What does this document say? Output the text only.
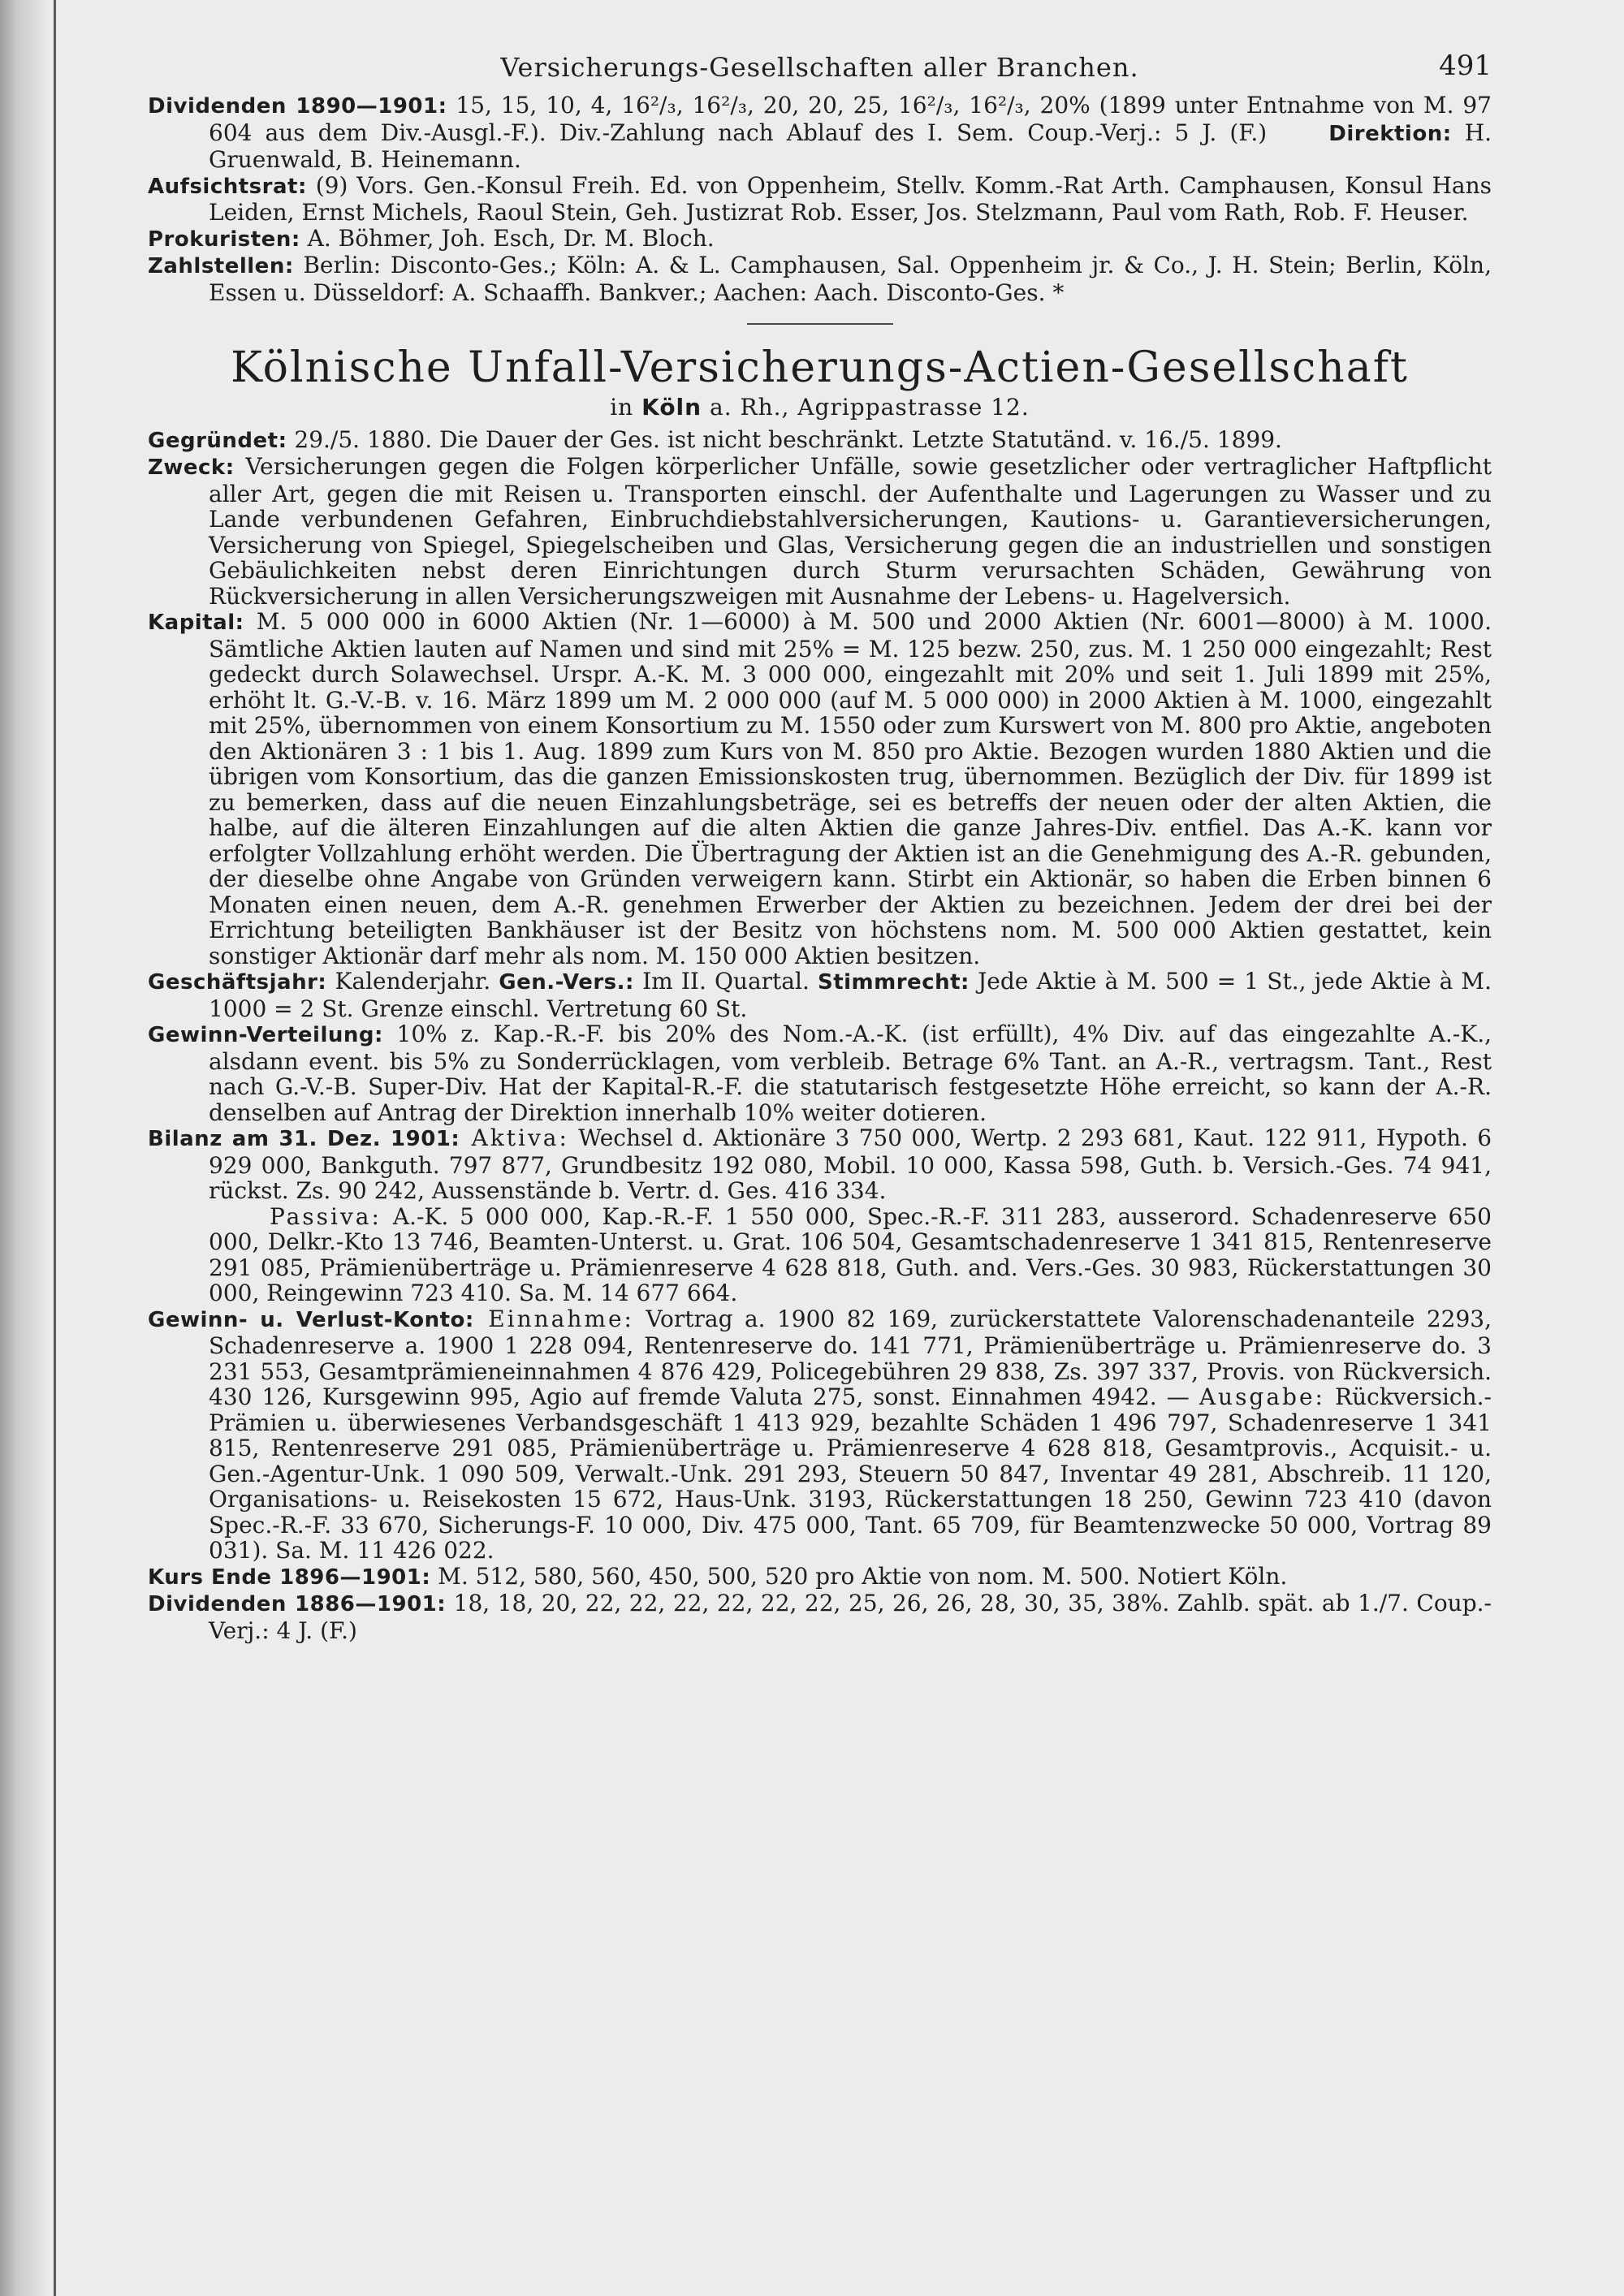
Versicherungs-Gesellschaften aller Branchen.	491

Dividenden 1890—1901: 15, 15, 10, 4, 16²/₃, 16²/₃, 20, 20, 25, 16²/₃, 16²/₃, 20% (1899 unter Entnahme von M. 97 604 aus dem Div.-Ausgl.-F.). Div.-Zahlung nach Ablauf des I. Sem. Coup.-Verj.: 5 J. (F.)	Direktion: H. Gruenwald, B. Heinemann.

Aufsichtsrat: (9) Vors. Gen.-Konsul Freih. Ed. von Oppenheim, Stellv. Komm.-Rat Arth. Camphausen, Konsul Hans Leiden, Ernst Michels, Raoul Stein, Geh. Justizrat Rob. Esser, Jos. Stelzmann, Paul vom Rath, Rob. F. Heuser.

Prokuristen: A. Böhmer, Joh. Esch, Dr. M. Bloch.

Zahlstellen: Berlin: Disconto-Ges.; Köln: A. & L. Camphausen, Sal. Oppenheim jr. & Co., J. H. Stein; Berlin, Köln, Essen u. Düsseldorf: A. Schaaffh. Bankver.; Aachen: Aach. Disconto-Ges. *

Kölnische Unfall-Versicherungs-Actien-Gesellschaft

in Köln a. Rh., Agrippastrasse 12.

Gegründet: 29./5. 1880. Die Dauer der Ges. ist nicht beschränkt. Letzte Statutänd. v. 16./5. 1899.

Zweck: Versicherungen gegen die Folgen körperlicher Unfälle, sowie gesetzlicher oder vertraglicher Haftpflicht aller Art, gegen die mit Reisen u. Transporten einschl. der Aufenthalte und Lagerungen zu Wasser und zu Lande verbundenen Gefahren, Einbruchdiebstahlversicherungen, Kautions- u. Garantieversicherungen, Versicherung von Spiegel, Spiegelscheiben und Glas, Versicherung gegen die an industriellen und sonstigen Gebäulichkeiten nebst deren Einrichtungen durch Sturm verursachten Schäden, Gewährung von Rückversicherung in allen Versicherungszweigen mit Ausnahme der Lebens- u. Hagelversich.

Kapital: M. 5 000 000 in 6000 Aktien (Nr. 1—6000) à M. 500 und 2000 Aktien (Nr. 6001—8000) à M. 1000. Sämtliche Aktien lauten auf Namen und sind mit 25% = M. 125 bezw. 250, zus. M. 1 250 000 eingezahlt; Rest gedeckt durch Solawechsel. Urspr. A.-K. M. 3 000 000, eingezahlt mit 20% und seit 1. Juli 1899 mit 25%, erhöht lt. G.-V.-B. v. 16. März 1899 um M. 2 000 000 (auf M. 5 000 000) in 2000 Aktien à M. 1000, eingezahlt mit 25%, übernommen von einem Konsortium zu M. 1550 oder zum Kurswert von M. 800 pro Aktie, angeboten den Aktionären 3 : 1 bis 1. Aug. 1899 zum Kurs von M. 850 pro Aktie. Bezogen wurden 1880 Aktien und die übrigen vom Konsortium, das die ganzen Emissionskosten trug, übernommen. Bezüglich der Div. für 1899 ist zu bemerken, dass auf die neuen Einzahlungsbeträge, sei es betreffs der neuen oder der alten Aktien, die halbe, auf die älteren Einzahlungen auf die alten Aktien die ganze Jahres-Div. entfiel. Das A.-K. kann vor erfolgter Vollzahlung erhöht werden. Die Übertragung der Aktien ist an die Genehmigung des A.-R. gebunden, der dieselbe ohne Angabe von Gründen verweigern kann. Stirbt ein Aktionär, so haben die Erben binnen 6 Monaten einen neuen, dem A.-R. genehmen Erwerber der Aktien zu bezeichnen. Jedem der drei bei der Errichtung beteiligten Bankhäuser ist der Besitz von höchstens nom. M. 500 000 Aktien gestattet, kein sonstiger Aktionär darf mehr als nom. M. 150 000 Aktien besitzen.

Geschäftsjahr: Kalenderjahr. Gen.-Vers.: Im II. Quartal. Stimmrecht: Jede Aktie à M. 500 = 1 St., jede Aktie à M. 1000 = 2 St. Grenze einschl. Vertretung 60 St.

Gewinn-Verteilung: 10% z. Kap.-R.-F. bis 20% des Nom.-A.-K. (ist erfüllt), 4% Div. auf das eingezahlte A.-K., alsdann event. bis 5% zu Sonderrücklagen, vom verbleib. Betrage 6% Tant. an A.-R., vertragsm. Tant., Rest nach G.-V.-B. Super-Div. Hat der Kapital-R.-F. die statutarisch festgesetzte Höhe erreicht, so kann der A.-R. denselben auf Antrag der Direktion innerhalb 10% weiter dotieren.

Bilanz am 31. Dez. 1901: Aktiva: Wechsel d. Aktionäre 3 750 000, Wertp. 2 293 681, Kaut. 122 911, Hypoth. 6 929 000, Bankguth. 797 877, Grundbesitz 192 080, Mobil. 10 000, Kassa 598, Guth. b. Versich.-Ges. 74 941, rückst. Zs. 90 242, Aussenstände b. Vertr. d. Ges. 416 334.

Passiva: A.-K. 5 000 000, Kap.-R.-F. 1 550 000, Spec.-R.-F. 311 283, ausserord. Schadenreserve 650 000, Delkr.-Kto 13 746, Beamten-Unterst. u. Grat. 106 504, Gesamtschadenreserve 1 341 815, Rentenreserve 291 085, Prämienüberträge u. Prämienreserve 4 628 818, Guth. and. Vers.-Ges. 30 983, Rückerstattungen 30 000, Reingewinn 723 410. Sa. M. 14 677 664.

Gewinn- u. Verlust-Konto: Einnahme: Vortrag a. 1900 82 169, zurückerstattete Valorenschadenanteile 2293, Schadenreserve a. 1900 1 228 094, Rentenreserve do. 141 771, Prämienüberträge u. Prämienreserve do. 3 231 553, Gesamtprämieneinnahmen 4 876 429, Policegebühren 29 838, Zs. 397 337, Provis. von Rückversich. 430 126, Kursgewinn 995, Agio auf fremde Valuta 275, sonst. Einnahmen 4942. — Ausgabe: Rückversich.-Prämien u. überwiesenes Verbandsgeschäft 1 413 929, bezahlte Schäden 1 496 797, Schadenreserve 1 341 815, Rentenreserve 291 085, Prämienüberträge u. Prämienreserve 4 628 818, Gesamtprovis., Acquisit.- u. Gen.-Agentur-Unk. 1 090 509, Verwalt.-Unk. 291 293, Steuern 50 847, Inventar 49 281, Abschreib. 11 120, Organisations- u. Reisekosten 15 672, Haus-Unk. 3193, Rückerstattungen 18 250, Gewinn 723 410 (davon Spec.-R.-F. 33 670, Sicherungs-F. 10 000, Div. 475 000, Tant. 65 709, für Beamtenzwecke 50 000, Vortrag 89 031). Sa. M. 11 426 022.

Kurs Ende 1896—1901: M. 512, 580, 560, 450, 500, 520 pro Aktie von nom. M. 500. Notiert Köln.

Dividenden 1886—1901: 18, 18, 20, 22, 22, 22, 22, 22, 22, 25, 26, 26, 28, 30, 35, 38%. Zahlb. spät. ab 1./7. Coup.-Verj.: 4 J. (F.)
